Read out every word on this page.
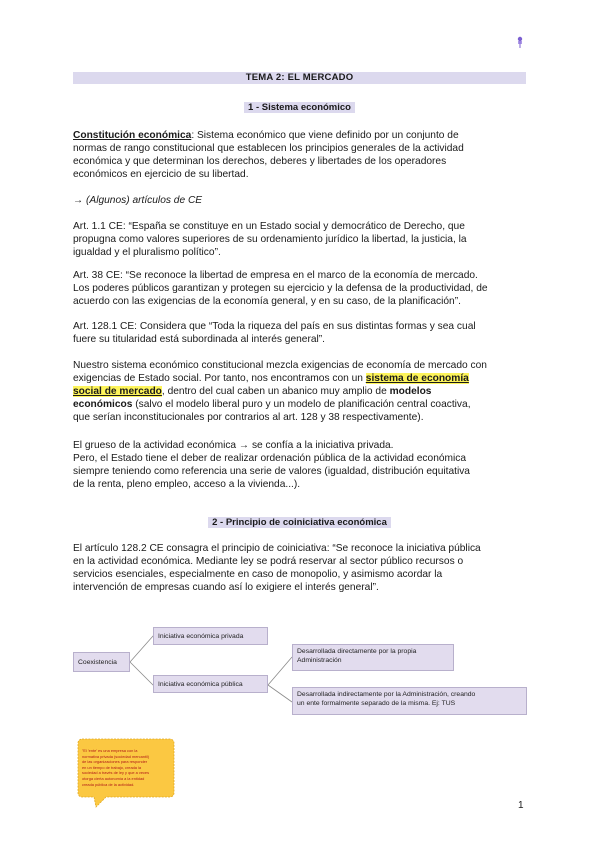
TEMA 2: EL MERCADO
1 - Sistema económico

Constitución económica: Sistema económico que viene definido por un conjunto de
normas de rango constitucional que establecen los principios generales de la actividad
económica y que determinan los derechos, deberes y libertades de los operadores
económicos en ejercicio de su libertad.

→ (Algunos) artículos de CE

Art. 1.1 CE: “España se constituye en un Estado social y democrático de Derecho, que
propugna como valores superiores de su ordenamiento jurídico la libertad, la justicia, la
igualdad y el pluralismo político”.

Art. 38 CE: “Se reconoce la libertad de empresa en el marco de la economía de mercado.
Los poderes públicos garantizan y protegen su ejercicio y la defensa de la productividad, de
acuerdo con las exigencias de la economía general, y en su caso, de la planificación”.

Art. 128.1 CE: Considera que “Toda la riqueza del país en sus distintas formas y sea cual
fuere su titularidad está subordinada al interés general”.

Nuestro sistema económico constitucional mezcla exigencias de economía de mercado con
exigencias de Estado social. Por tanto, nos encontramos con un sistema de economía
social de mercado, dentro del cual caben un abanico muy amplio de modelos
económicos (salvo el modelo liberal puro y un modelo de planificación central coactiva,
que serían inconstitucionales por contrarios al art. 128 y 38 respectivamente).

El grueso de la actividad económica → se confía a la iniciativa privada.
Pero, el Estado tiene el deber de realizar ordenación pública de la actividad económica
siempre teniendo como referencia una serie de valores (igualdad, distribución equitativa
de la renta, pleno empleo, acceso a la vivienda...).

2 - Principio de coiniciativa económica

El artículo 128.2 CE consagra el principio de coiniciativa: “Se reconoce la iniciativa pública
en la actividad económica. Mediante ley se podrá reservar al sector público recursos o
servicios esenciales, especialmente en caso de monopolio, y asimismo acordar la
intervención de empresas cuando así lo exigiere el interés general”.

Coexistencia
Iniciativa económica privada
Iniciativa económica pública
Desarrollada directamente por la propia
Administración
Desarrollada indirectamente por la Administración, creando
un ente formalmente separado de la misma. Ej: TUS

"El 'ente' es una empresa con la
normativa privada (sociedad mercantil)
de las organizaciones para responder
en un tiempo de trabajo, creada la
sociedad a través de ley y que a veces
otorga cierta autonomía a la entidad
creada pública de la actividad.

1
